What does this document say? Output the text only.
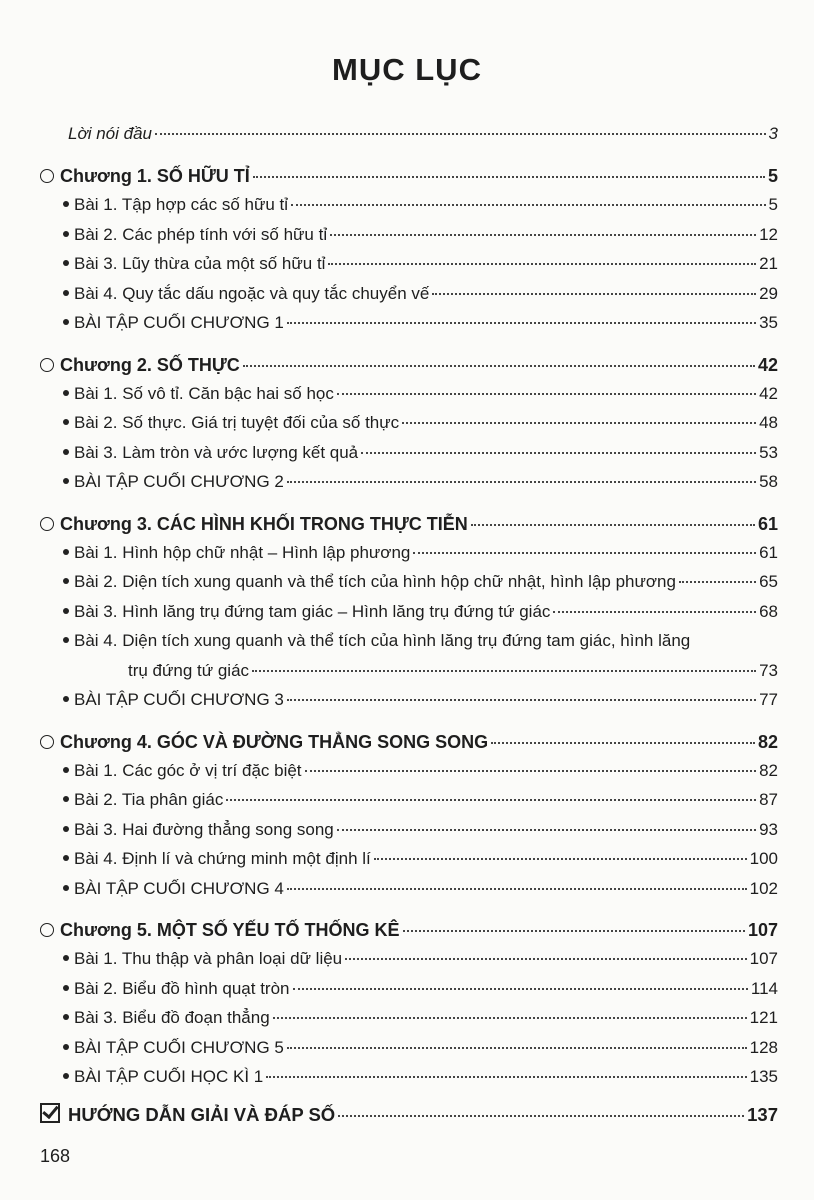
MỤC LỤC
Lời nói đầu	3
Chương 1. SỐ HỮU TỈ	5
Bài 1. Tập hợp các số hữu tỉ	5
Bài 2. Các phép tính với số hữu tỉ	12
Bài 3. Lũy thừa của một số hữu tỉ	21
Bài 4. Quy tắc dấu ngoặc và quy tắc chuyển vế	29
BÀI TẬP CUỐI CHƯƠNG 1	35
Chương 2. SỐ THỰC	42
Bài 1. Số vô tỉ. Căn bậc hai số học	42
Bài 2. Số thực. Giá trị tuyệt đối của số thực	48
Bài 3. Làm tròn và ước lượng kết quả	53
BÀI TẬP CUỐI CHƯƠNG 2	58
Chương 3. CÁC HÌNH KHỐI TRONG THỰC TIỄN	61
Bài 1. Hình hộp chữ nhật – Hình lập phương	61
Bài 2. Diện tích xung quanh và thể tích của hình hộp chữ nhật, hình lập phương	65
Bài 3. Hình lăng trụ đứng tam giác – Hình lăng trụ đứng tứ giác	68
Bài 4. Diện tích xung quanh và thể tích của hình lăng trụ đứng tam giác, hình lăng
trụ đứng tứ giác	73
BÀI TẬP CUỐI CHƯƠNG 3	77
Chương 4. GÓC VÀ ĐƯỜNG THẲNG SONG SONG	82
Bài 1. Các góc ở vị trí đặc biệt	82
Bài 2. Tia phân giác	87
Bài 3. Hai đường thẳng song song	93
Bài 4. Định lí và chứng minh một định lí	100
BÀI TẬP CUỐI CHƯƠNG 4	102
Chương 5. MỘT SỐ YẾU TỐ THỐNG KÊ	107
Bài 1. Thu thập và phân loại dữ liệu	107
Bài 2. Biểu đồ hình quạt tròn	114
Bài 3. Biểu đồ đoạn thẳng	121
BÀI TẬP CUỐI CHƯƠNG 5	128
BÀI TẬP CUỐI HỌC KÌ 1	135
HƯỚNG DẪN GIẢI VÀ ĐÁP SỐ	137
168
